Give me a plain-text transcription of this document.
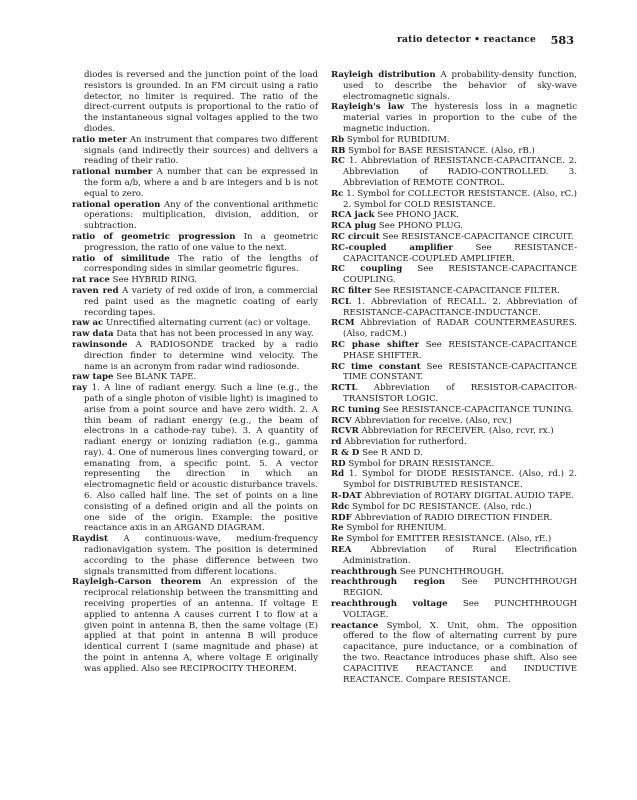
ratio detector • reactance 583

diodes is reversed and the junction point of the load resistors is grounded. In an FM circuit using a ratio detector, no limiter is required. The ratio of the direct-current outputs is proportional to the ratio of the instantaneous signal voltages applied to the two diodes.

ratio meter An instrument that compares two different signals (and indirectly their sources) and delivers a reading of their ratio.

rational number A number that can be expressed in the form a/b, where a and b are integers and b is not equal to zero.

rational operation Any of the conventional arithmetic operations: multiplication, division, addition, or subtraction.

ratio of geometric progression In a geometric progression, the ratio of one value to the next.

ratio of similitude The ratio of the lengths of corresponding sides in similar geometric figures.

rat race See HYBRID RING.

raven red A variety of red oxide of iron, a commercial red paint used as the magnetic coating of early recording tapes.

raw ac Unrectified alternating current (ac) or voltage.

raw data Data that has not been processed in any way.

rawinsonde A RADIOSONDE tracked by a radio direction finder to determine wind velocity. The name is an acronym from radar wind radiosonde.

raw tape See BLANK TAPE.

ray 1. A line of radiant energy. Such a line (e.g., the path of a single photon of visible light) is imagined to arise from a point source and have zero width. 2. A thin beam of radiant energy (e.g., the beam of electrons in a cathode-ray tube). 3. A quantity of radiant energy or ionizing radiation (e.g., gamma ray). 4. One of numerous lines converging toward, or emanating from, a specific point. 5. A vector representing the direction in which an electromagnetic field or acoustic disturbance travels. 6. Also called half line. The set of points on a line consisting of a defined origin and all the points on one side of the origin. Example: the positive reactance axis in an ARGAND DIAGRAM.

Raydist A continuous-wave, medium-frequency radionavigation system. The position is determined according to the phase difference between two signals transmitted from different locations.

Rayleigh-Carson theorem An expression of the reciprocal relationship between the transmitting and receiving properties of an antenna. If voltage E applied to antenna A causes current I to flow at a given point in antenna B, then the same voltage (E) applied at that point in antenna B will produce identical current I (same magnitude and phase) at the point in antenna A, where voltage E originally was applied. Also see RECIPROCITY THEOREM.

Rayleigh distribution A probability-density function, used to describe the behavior of sky-wave electromagnetic signals.

Rayleigh's law The hysteresis loss in a magnetic material varies in proportion to the cube of the magnetic induction.

Rb Symbol for RUBIDIUM.

RB Symbol for BASE RESISTANCE. (Also, rB.)

RC 1. Abbreviation of RESISTANCE-CAPACITANCE. 2. Abbreviation of RADIO-CONTROLLED. 3. Abbreviation of REMOTE CONTROL.

Rc 1. Symbol for COLLECTOR RESISTANCE. (Also, rC.) 2. Symbol for COLD RESISTANCE.

RCA jack See PHONO JACK.

RCA plug See PHONO PLUG.

RC circuit See RESISTANCE-CAPACITANCE CIRCUIT.

RC-coupled amplifier	See RESISTANCE-CAPACITANCE-COUPLED AMPLIFIER.

RC coupling See RESISTANCE-CAPACITANCE COUPLING.

RC filter See RESISTANCE-CAPACITANCE FILTER.

RCL 1. Abbreviation of RECALL. 2. Abbreviation of RESISTANCE-CAPACITANCE-INDUCTANCE.

RCM Abbreviation of RADAR COUNTERMEASURES. (Also, radCM.)

RC phase shifter See RESISTANCE-CAPACITANCE PHASE SHIFTER.

RC time constant See RESISTANCE-CAPACITANCE TIME CONSTANT.

RCTL Abbreviation of RESISTOR-CAPACITOR-TRANSISTOR LOGIC.

RC tuning See RESISTANCE-CAPACITANCE TUNING.

RCV Abbreviation for receive. (Also, rcv.)

RCVR Abbreviation for RECEIVER. (Also, rcvr, rx.)

rd Abbreviation for rutherford.

R & D See R AND D.

RD Symbol for DRAIN RESISTANCE.

Rd 1. Symbol for DIODE RESISTANCE. (Also, rd.) 2. Symbol for DISTRIBUTED RESISTANCE.

R-DAT Abbreviation of ROTARY DIGITAL AUDIO TAPE.

Rdc Symbol for DC RESISTANCE. (Also, rdc.)

RDF Abbreviation of RADIO DIRECTION FINDER.

Re Symbol for RHENIUM.

Re Symbol for EMITTER RESISTANCE. (Also, rE.)

REA Abbreviation of Rural Electrification Administration.

reachthrough See PUNCHTHROUGH.

reachthrough region See PUNCHTHROUGH REGION.

reachthrough voltage See PUNCHTHROUGH VOLTAGE.

reactance Symbol, X. Unit, ohm. The opposition offered to the flow of alternating current by pure capacitance, pure inductance, or a combination of the two. Reactance introduces phase shift. Also see CAPACITIVE REACTANCE and INDUCTIVE REACTANCE. Compare RESISTANCE.
